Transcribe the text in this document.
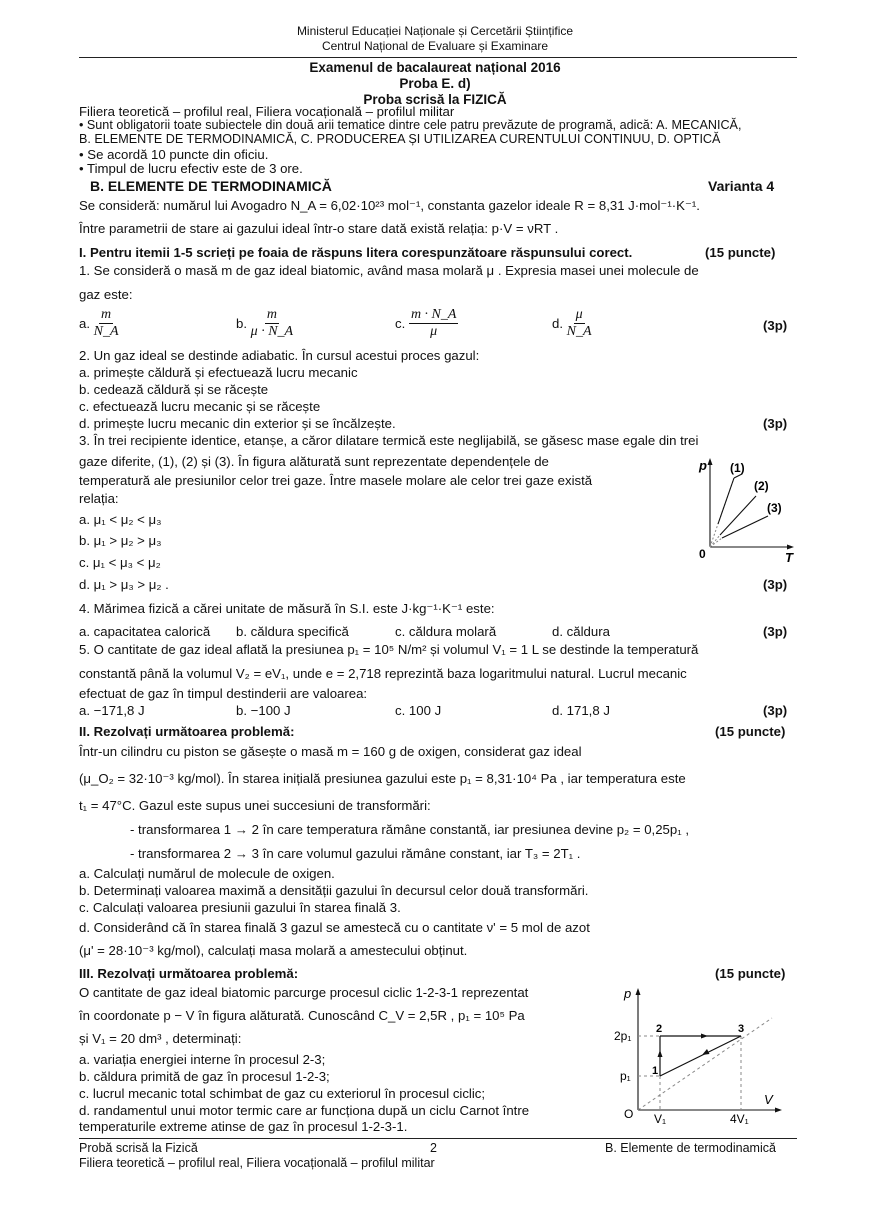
Ministerul Educației Naționale și Cercetării Științifice
Centrul Național de Evaluare și Examinare
Examenul de bacalaureat național 2016
Proba E. d)
Proba scrisă la FIZICĂ
Filiera teoretică – profilul real, Filiera vocațională – profilul militar
• Sunt obligatorii toate subiectele din două arii tematice dintre cele patru prevăzute de programă, adică: A. MECANICĂ,
B. ELEMENTE DE TERMODINAMICĂ, C. PRODUCEREA ȘI UTILIZAREA CURENTULUI CONTINUU, D. OPTICĂ
• Se acordă 10 puncte din oficiu.
• Timpul de lucru efectiv este de 3 ore.
B. ELEMENTE DE TERMODINAMICĂ	Varianta 4
Se consideră: numărul lui Avogadro N_A = 6,02·10²³ mol⁻¹, constanta gazelor ideale R = 8,31 J·mol⁻¹·K⁻¹.
Între parametrii de stare ai gazului ideal într-o stare dată există relația: p·V = νRT .
I. Pentru itemii 1-5 scrieți pe foaia de răspuns litera corespunzătoare răspunsului corect.	(15 puncte)
1. Se consideră o masă m de gaz ideal biatomic, având masa molară μ . Expresia masei unei molecule de
gaz este:
a.
$\frac{m}{N\_A}$	b.
$\frac{m}{\mu \cdot N\_A}$	c.
$\frac{m \cdot N\_A}{\mu}$	d.
$\frac{\mu}{N\_A}$	(3p)
2. Un gaz ideal se destinde adiabatic. În cursul acestui proces gazul:
a. primește căldură și efectuează lucru mecanic
b. cedează căldură și se răcește
c. efectuează lucru mecanic și se răcește
d. primește lucru mecanic din exterior și se încălzește.	(3p)
3. În trei recipiente identice, etanșe, a căror dilatare termică este neglijabilă, se găsesc mase egale din trei
gaze diferite, (1), (2) și (3). În figura alăturată sunt reprezentate dependențele de
temperatură ale presiunilor celor trei gaze. Între masele molare ale celor trei gaze există
relația:
a. μ₁ < μ₂ < μ₃
b. μ₁ > μ₂ > μ₃
c. μ₁ < μ₃ < μ₂
d. μ₁ > μ₃ > μ₂ .	(3p)
p
T
0
(1)
(2)
(3)
4. Mărimea fizică a cărei unitate de măsură în S.I. este J·kg⁻¹·K⁻¹ este:
a. capacitatea calorică b. căldura specifică	c. căldura molară	d. căldura	(3p)
5. O cantitate de gaz ideal aflată la presiunea p₁ = 10⁵ N/m² și volumul V₁ = 1 L se destinde la temperatură
constantă până la volumul V₂ = eV₁, unde e = 2,718 reprezintă baza logaritmului natural. Lucrul mecanic
efectuat de gaz în timpul destinderii are valoarea:
a. −171,8 J	b. −100 J	c. 100 J	d. 171,8 J	(3p)
II. Rezolvați următoarea problemă:	(15 puncte)
Într-un cilindru cu piston se găsește o masă m = 160 g de oxigen, considerat gaz ideal
(μ_O₂ = 32·10⁻³ kg/mol). În starea inițială presiunea gazului este p₁ = 8,31·10⁴ Pa , iar temperatura este
t₁ = 47°C. Gazul este supus unei succesiuni de transformări:
- transformarea 1 → 2 în care temperatura rămâne constantă, iar presiunea devine p₂ = 0,25p₁ ,
- transformarea 2 → 3 în care volumul gazului rămâne constant, iar T₃ = 2T₁ .
a. Calculați numărul de molecule de oxigen.
b. Determinați valoarea maximă a densității gazului în decursul celor două transformări.
c. Calculați valoarea presiunii gazului în starea finală 3.
d. Considerând că în starea finală 3 gazul se amestecă cu o cantitate ν' = 5 mol de azot
(μ' = 28·10⁻³ kg/mol), calculați masa molară a amestecului obținut.
III. Rezolvați următoarea problemă:	(15 puncte)
O cantitate de gaz ideal biatomic parcurge procesul ciclic 1-2-3-1 reprezentat
în coordonate p − V în figura alăturată. Cunoscând C_V = 2,5R , p₁ = 10⁵ Pa
și V₁ = 20 dm³ , determinați:
a. variația energiei interne în procesul 2-3;
b. căldura primită de gaz în procesul 1-2-3;
c. lucrul mecanic total schimbat de gaz cu exteriorul în procesul ciclic;
d. randamentul unui motor termic care ar funcționa după un ciclu Carnot între
temperaturile extreme atinse de gaz în procesul 1-2-3-1.
p
V
O
2p₁
p₁
V₁	4V₁
1
2	3
Probă scrisă la Fizică	2	B. Elemente de termodinamică
Filiera teoretică – profilul real, Filiera vocațională – profilul militar
